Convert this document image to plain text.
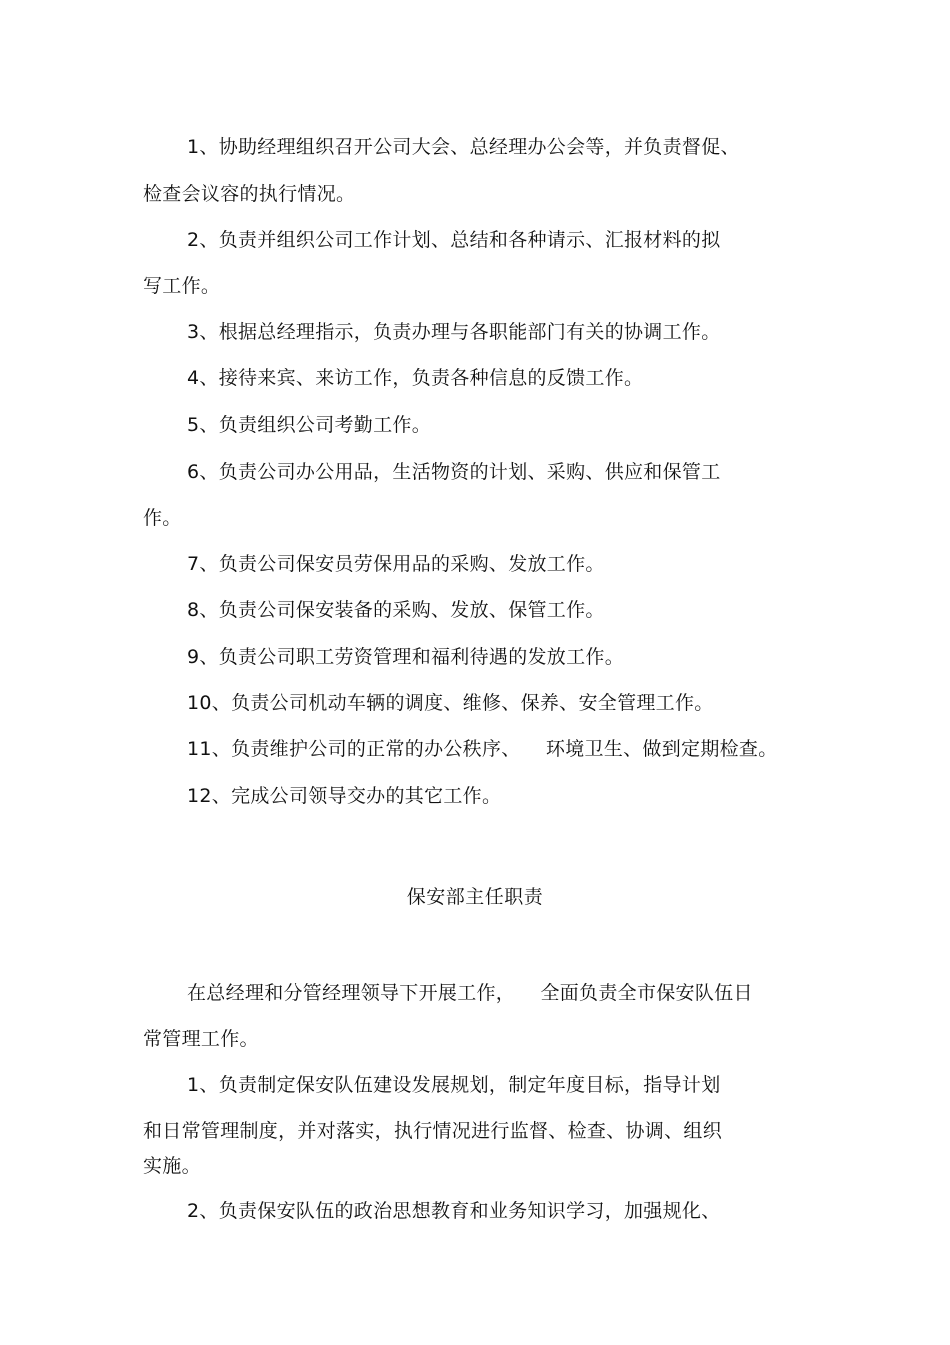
1、协助经理组织召开公司大会、总经理办公会等，并负责督促、

检查会议容的执行情况。

2、负责并组织公司工作计划、总结和各种请示、汇报材料的拟

写工作。

3、根据总经理指示，负责办理与各职能部门有关的协调工作。

4、接待来宾、来访工作，负责各种信息的反馈工作。

5、负责组织公司考勤工作。

6、负责公司办公用品，生活物资的计划、采购、供应和保管工

作。

7、负责公司保安员劳保用品的采购、发放工作。

8、负责公司保安装备的采购、发放、保管工作。

9、负责公司职工劳资管理和福利待遇的发放工作。

10、负责公司机动车辆的调度、维修、保养、安全管理工作。

11、负责维护公司的正常的办公秩序、    环境卫生、做到定期检查。

12、完成公司领导交办的其它工作。

保安部主任职责

在总经理和分管经理领导下开展工作，    全面负责全市保安队伍日

常管理工作。

1、负责制定保安队伍建设发展规划，制定年度目标，指导计划

和日常管理制度，并对落实，执行情况进行监督、检查、协调、组织

实施。

2、负责保安队伍的政治思想教育和业务知识学习，加强规化、
